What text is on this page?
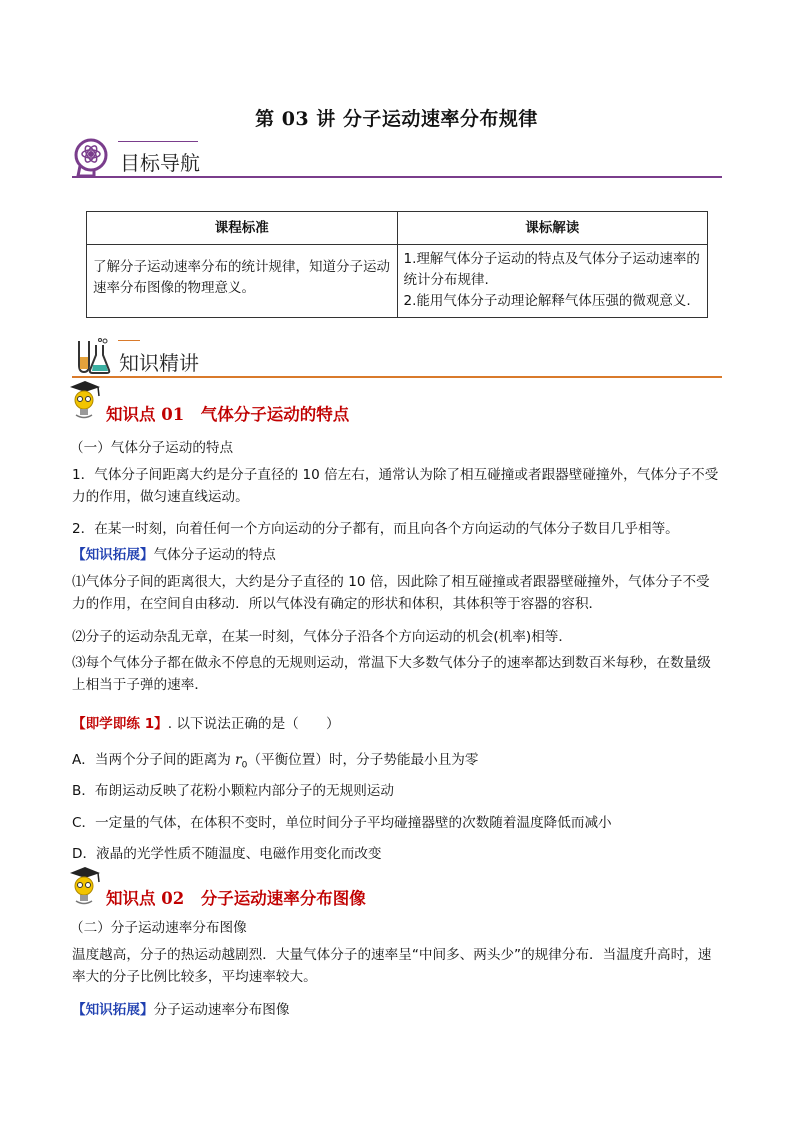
第 03 讲 分子运动速率分布规律
目标导航
课程标准	课标解读
了解分子运动速率分布的统计规律，知道分子运动速率分布图像的物理意义。	1.理解气体分子运动的特点及气体分子运动速率的统计分布规律.
2.能用气体分子动理论解释气体压强的微观意义.
知识精讲
知识点 01　气体分子运动的特点
（一）气体分子运动的特点
1．气体分子间距离大约是分子直径的 10 倍左右，通常认为除了相互碰撞或者跟器壁碰撞外，气体分子不受力的作用，做匀速直线运动。
2．在某一时刻，向着任何一个方向运动的分子都有，而且向各个方向运动的气体分子数目几乎相等。
【知识拓展】气体分子运动的特点
⑴气体分子间的距离很大，大约是分子直径的 10 倍，因此除了相互碰撞或者跟器壁碰撞外，气体分子不受力的作用，在空间自由移动．所以气体没有确定的形状和体积，其体积等于容器的容积．
⑵分子的运动杂乱无章，在某一时刻，气体分子沿各个方向运动的机会(机率)相等．
⑶每个气体分子都在做永不停息的无规则运动，常温下大多数气体分子的速率都达到数百米每秒，在数量级上相当于子弹的速率．
【即学即练 1】. 以下说法正确的是（　　）
A．当两个分子间的距离为 $r_0$（平衡位置）时，分子势能最小且为零
B．布朗运动反映了花粉小颗粒内部分子的无规则运动
C．一定量的气体，在体积不变时，单位时间分子平均碰撞器壁的次数随着温度降低而减小
D．液晶的光学性质不随温度、电磁作用变化而改变
知识点 02　分子运动速率分布图像
（二）分子运动速率分布图像
温度越高，分子的热运动越剧烈．大量气体分子的速率呈“中间多、两头少”的规律分布．当温度升高时，速率大的分子比例比较多，平均速率较大。
【知识拓展】分子运动速率分布图像
